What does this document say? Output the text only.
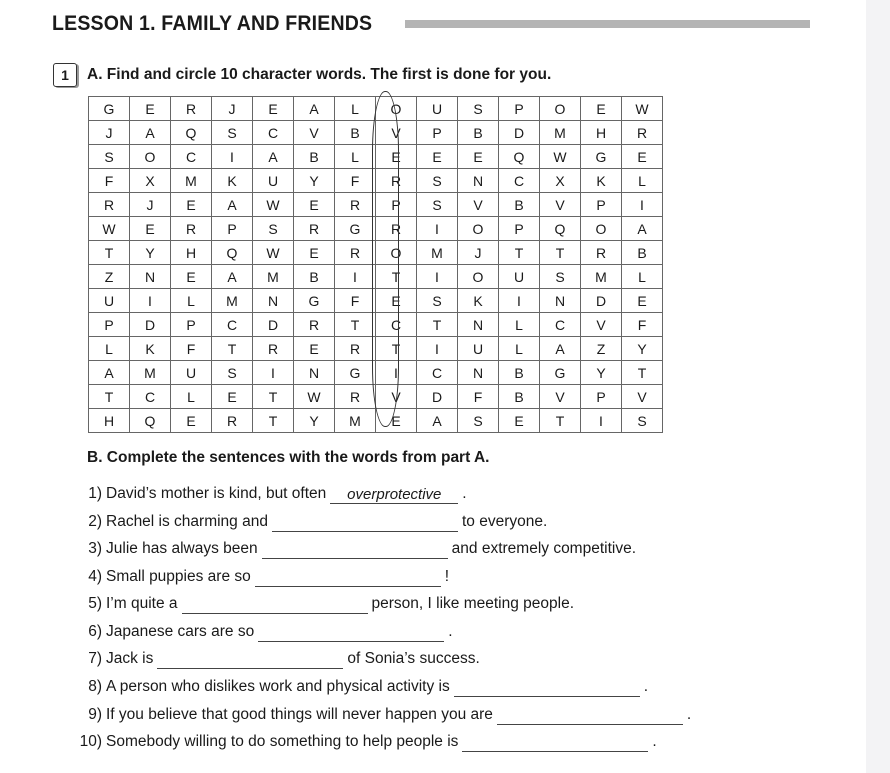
LESSON 1. FAMILY AND FRIENDS
1	A. Find and circle 10 character words. The first is done for you.
G	E	R	J	E	A	L	O	U	S	P	O	E	W
J	A	Q	S	C	V	B	V	P	B	D	M	H	R
S	O	C	I	A	B	L	E	E	E	Q	W	G	E
F	X	M	K	U	Y	F	R	S	N	C	X	K	L
R	J	E	A	W	E	R	P	S	V	B	V	P	I
W	E	R	P	S	R	G	R	I	O	P	Q	O	A
T	Y	H	Q	W	E	R	O	M	J	T	T	R	B
Z	N	E	A	M	B	I	T	I	O	U	S	M	L
U	I	L	M	N	G	F	E	S	K	I	N	D	E
P	D	P	C	D	R	T	C	T	N	L	C	V	F
L	K	F	T	R	E	R	T	I	U	L	A	Z	Y
A	M	U	S	I	N	G	I	C	N	B	G	Y	T
T	C	L	E	T	W	R	V	D	F	B	V	P	V
H	Q	E	R	T	Y	M	E	A	S	E	T	I	S
B. Complete the sentences with the words from part A.
1) David’s mother is kind, but often	overprotective	.
2) Rachel is charming and	to everyone.
3) Julie has always been	and extremely competitive.
4) Small puppies are so	!
5) I’m quite a	person, I like meeting people.
6) Japanese cars are so	.
7) Jack is	of Sonia’s success.
8) A person who dislikes work and physical activity is	.
9) If you believe that good things will never happen you are	.
10) Somebody willing to do something to help people is	.
